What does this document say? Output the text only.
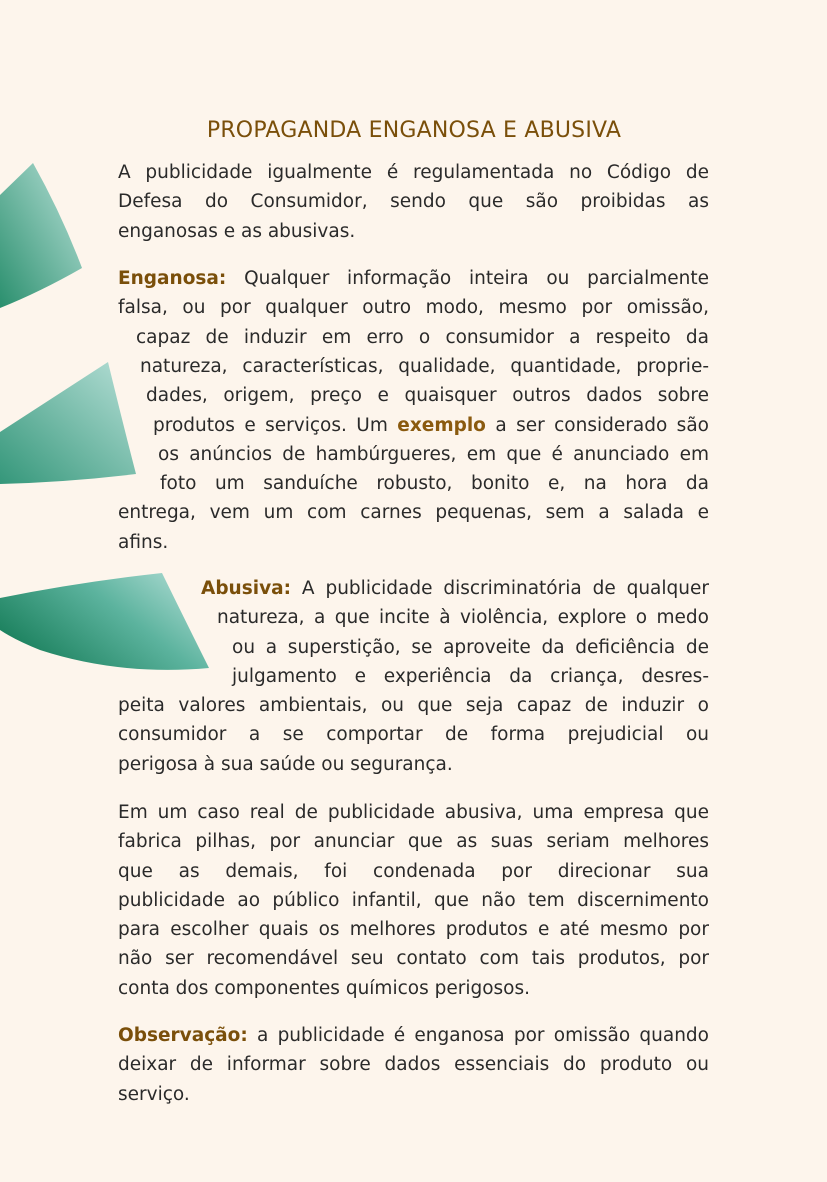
PROPAGANDA ENGANOSA E ABUSIVA
A publicidade igualmente é regulamentada no Código de
Defesa do Consumidor, sendo que são proibidas as
enganosas e as abusivas.
Enganosa: Qualquer informação inteira ou parcialmente
falsa, ou por qualquer outro modo, mesmo por omissão,
capaz de induzir em erro o consumidor a respeito da
natureza, características, qualidade, quantidade, proprie-
dades, origem, preço e quaisquer outros dados sobre
produtos e serviços. Um exemplo a ser considerado são
os anúncios de hambúrgueres, em que é anunciado em
foto um sanduíche robusto, bonito e, na hora da
entrega, vem um com carnes pequenas, sem a salada e
afins.
Abusiva: A publicidade discriminatória de qualquer
natureza, a que incite à violência, explore o medo
ou a superstição, se aproveite da deficiência de
julgamento e experiência da criança, desres-
peita valores ambientais, ou que seja capaz de induzir o
consumidor a se comportar de forma prejudicial ou
perigosa à sua saúde ou segurança.
Em um caso real de publicidade abusiva, uma empresa que
fabrica pilhas, por anunciar que as suas seriam melhores
que as demais, foi condenada por direcionar sua
publicidade ao público infantil, que não tem discernimento
para escolher quais os melhores produtos e até mesmo por
não ser recomendável seu contato com tais produtos, por
conta dos componentes químicos perigosos.
Observação: a publicidade é enganosa por omissão quando
deixar de informar sobre dados essenciais do produto ou
serviço.
